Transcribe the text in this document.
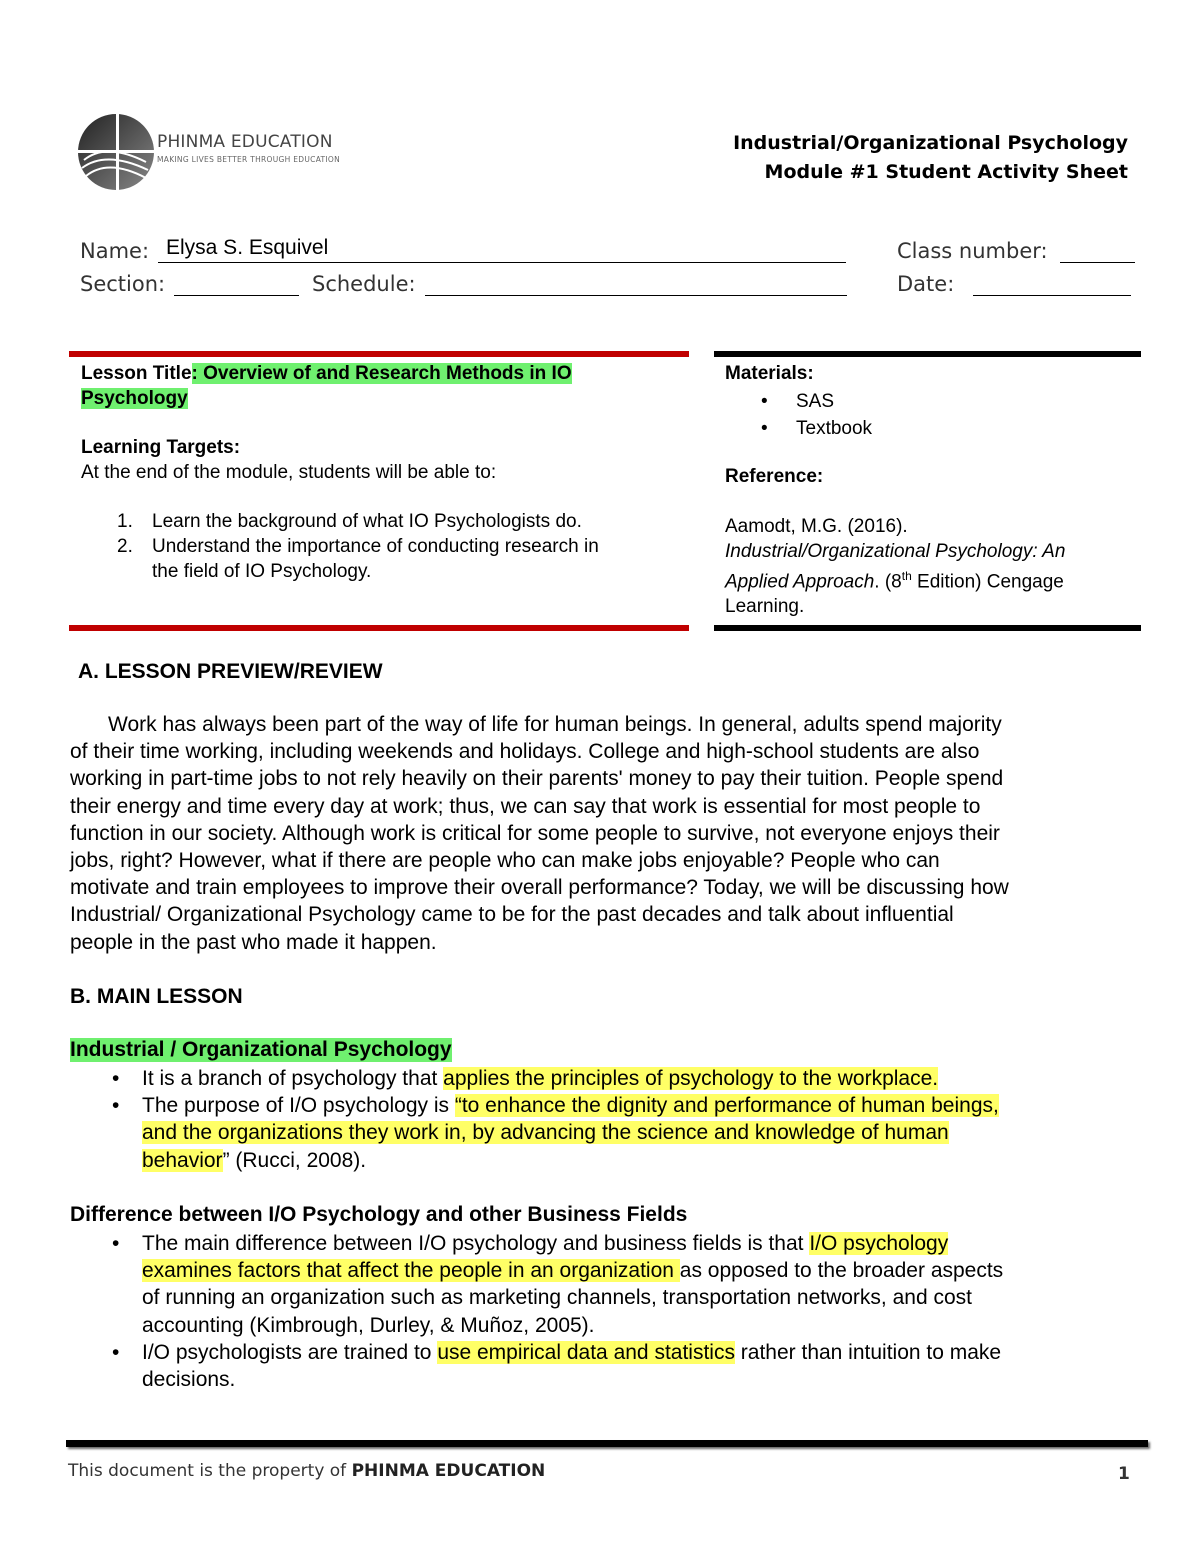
PHINMA EDUCATION
MAKING LIVES BETTER THROUGH EDUCATION
Industrial/Organizational Psychology
Module #1 Student Activity Sheet
Name: Elysa S. Esquivel	Class number:
Section:	Schedule:	Date:
Lesson Title: Overview of and Research Methods in IO
Psychology
Learning Targets:
At the end of the module, students will be able to:
1. Learn the background of what IO Psychologists do.
2. Understand the importance of conducting research in
the field of IO Psychology.
Materials:
• SAS
• Textbook
Reference:
Aamodt, M.G. (2016).
Industrial/Organizational Psychology: An
Applied Approach. (8th Edition) Cengage
Learning.
A. LESSON PREVIEW/REVIEW
Work has always been part of the way of life for human beings. In general, adults spend majority
of their time working, including weekends and holidays. College and high-school students are also
working in part-time jobs to not rely heavily on their parents' money to pay their tuition. People spend
their energy and time every day at work; thus, we can say that work is essential for most people to
function in our society. Although work is critical for some people to survive, not everyone enjoys their
jobs, right? However, what if there are people who can make jobs enjoyable? People who can
motivate and train employees to improve their overall performance? Today, we will be discussing how
Industrial/ Organizational Psychology came to be for the past decades and talk about influential
people in the past who made it happen.
B. MAIN LESSON
Industrial / Organizational Psychology
• It is a branch of psychology that applies the principles of psychology to the workplace.
• The purpose of I/O psychology is “to enhance the dignity and performance of human beings,
and the organizations they work in, by advancing the science and knowledge of human
behavior” (Rucci, 2008).
Difference between I/O Psychology and other Business Fields
• The main difference between I/O psychology and business fields is that I/O psychology
examines factors that affect the people in an organization as opposed to the broader aspects
of running an organization such as marketing channels, transportation networks, and cost
accounting (Kimbrough, Durley, & Muñoz, 2005).
• I/O psychologists are trained to use empirical data and statistics rather than intuition to make
decisions.
This document is the property of PHINMA EDUCATION	1
